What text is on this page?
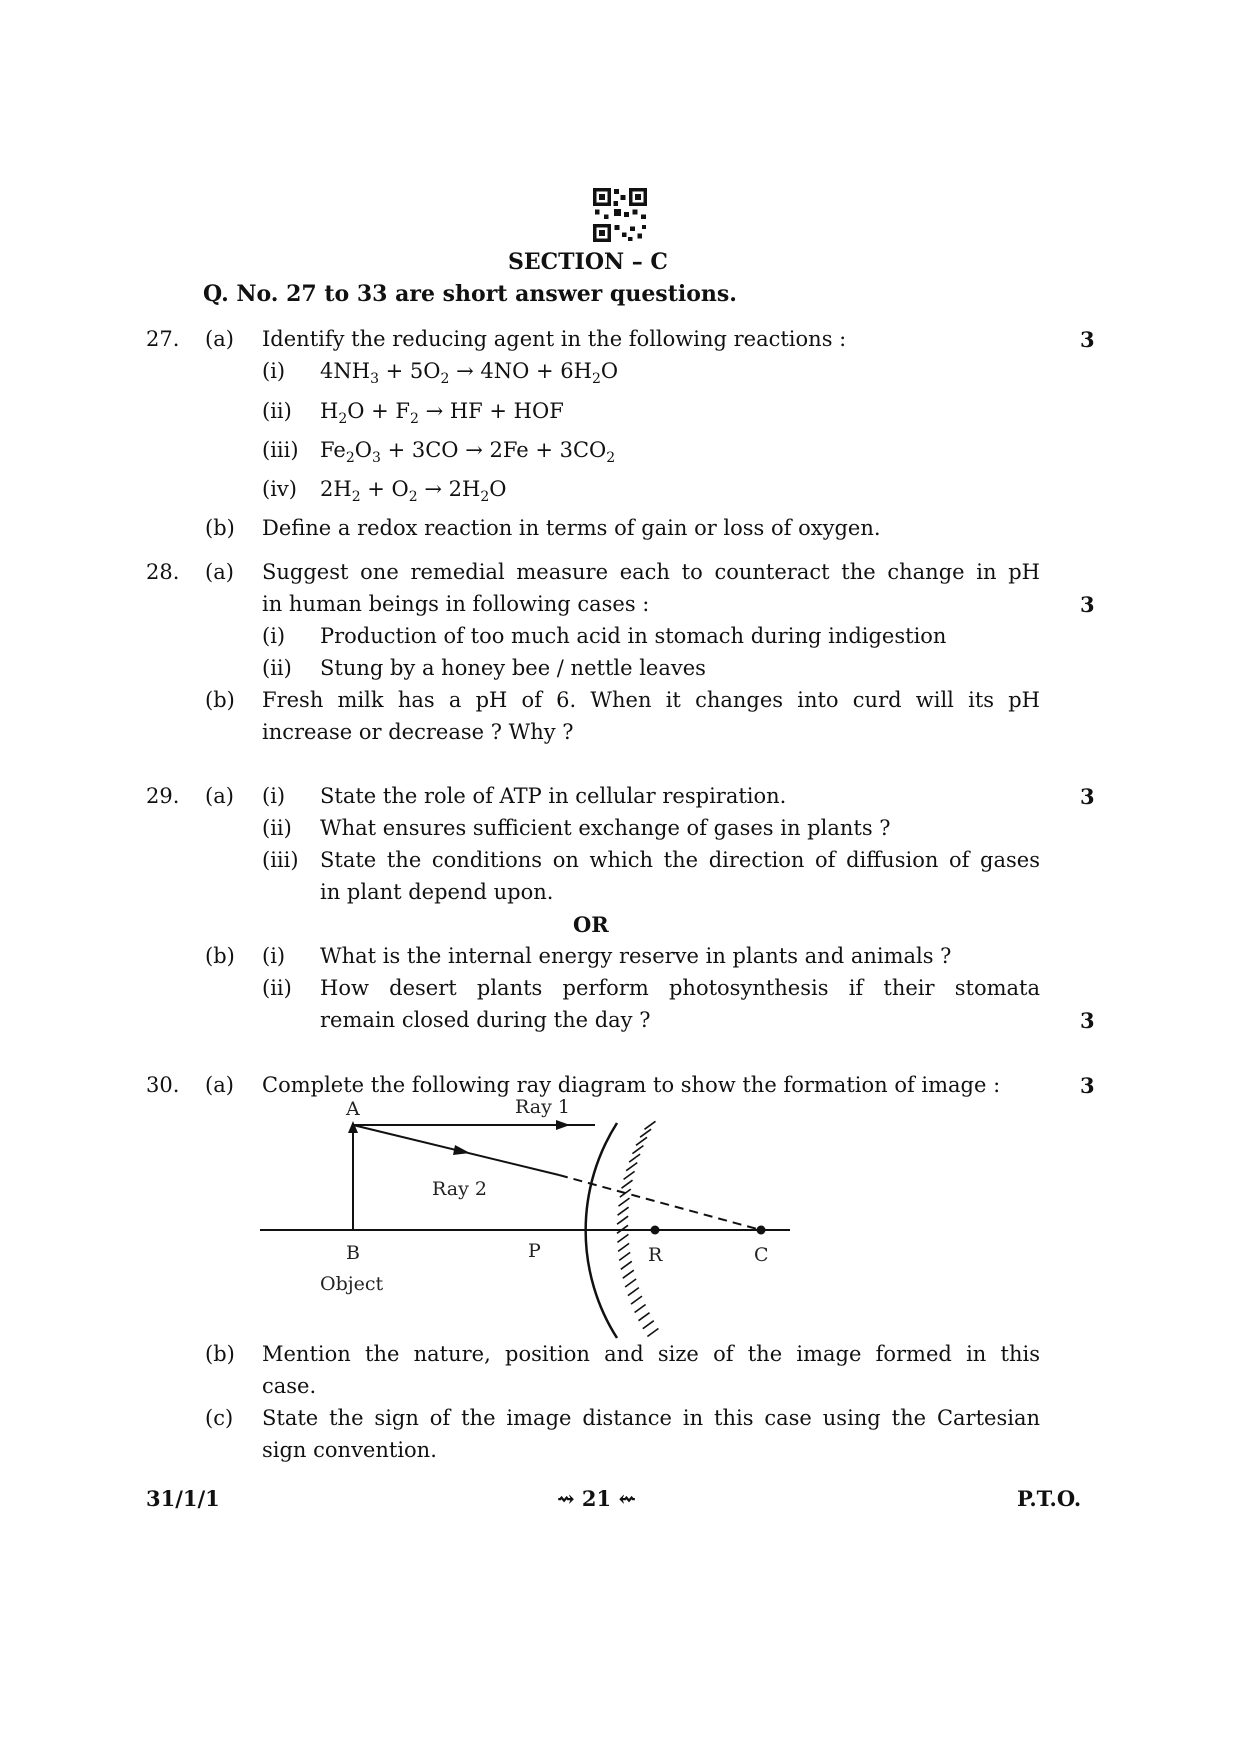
SECTION – C
Q. No. 27 to 33 are short answer questions.
27. (a) Identify the reducing agent in the following reactions :	3
(i) $4NH_3 + 5O_2 \to 4NO + 6H_2O$
(ii) $H_2O + F_2$ → HF + HOF
(iii) $Fe_2O_3 + 3CO \to 2Fe + 3CO_2$
(iv) $2H_2 + O_2 \to 2H_2O$
(b) Define a redox reaction in terms of gain or loss of oxygen.
28. (a) Suggest one remedial measure each to counteract the change in pH
in human beings in following cases :	3
(i) Production of too much acid in stomach during indigestion
(ii) Stung by a honey bee / nettle leaves
(b) Fresh milk has a pH of 6. When it changes into curd will its pH
increase or decrease ? Why ?
29. (a) (i) State the role of ATP in cellular respiration.	3
(ii) What ensures sufficient exchange of gases in plants ?
(iii) State the conditions on which the direction of diffusion of gases
in plant depend upon.
OR
(b) (i) What is the internal energy reserve in plants and animals ?
(ii) How desert plants perform photosynthesis if their stomata
remain closed during the day ?	3
30. (a) Complete the following ray diagram to show the formation of image :	3
A	Ray 1
Ray 2
B
Object
P	R	C
(b) Mention the nature, position and size of the image formed in this
case.
(c) State the sign of the image distance in this case using the Cartesian
sign convention.
31/1/1	⇝ 21 ⇜	P.T.O.
